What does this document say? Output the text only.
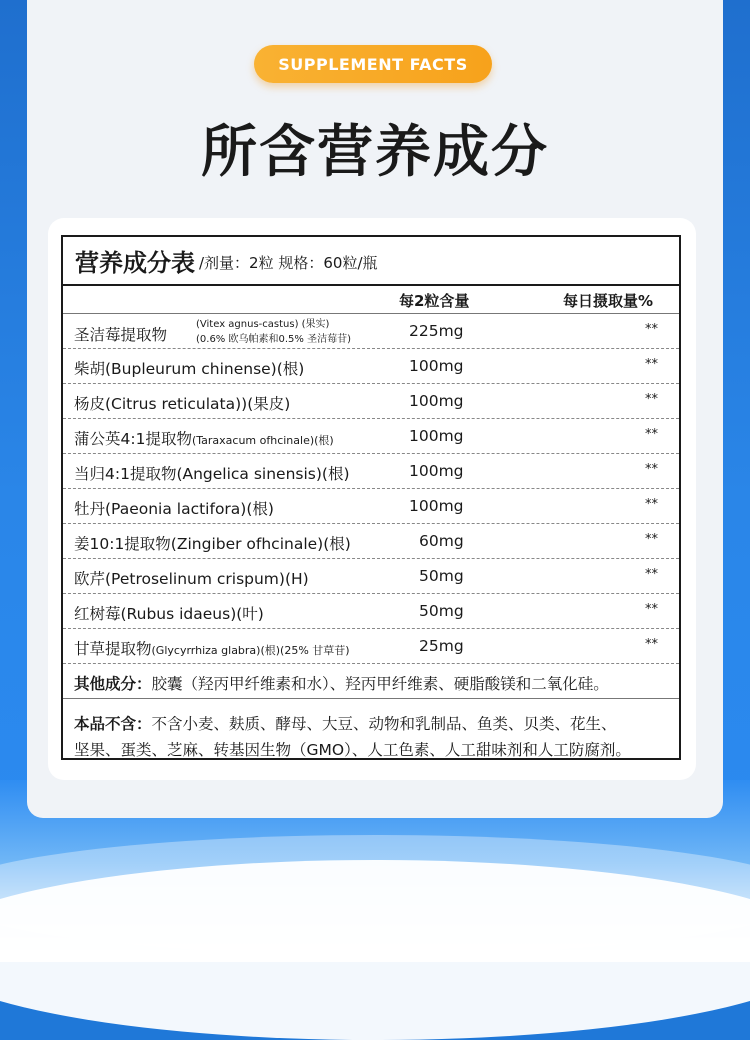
SUPPLEMENT FACTS
所含营养成分
营养成分表 /剂量：2粒 规格：60粒/瓶
每2粒含量	每日摄取量%
圣洁莓提取物
(Vitex agnus-castus) (果实)
(0.6% 欧乌帕素和0.5% 圣洁莓苷)	225mg	**
柴胡(Bupleurum chinense)(根)	100mg	**
杨皮(Citrus reticulata))(果皮)	100mg	**
蒲公英4:1提取物(Taraxacum ofhcinale)(根)	100mg	**
当归4:1提取物(Angelica sinensis)(根)	100mg	**
牡丹(Paeonia lactifora)(根)	100mg	**
姜10:1提取物(Zingiber ofhcinale)(根)	60mg	**
欧芹(Petroselinum crispum)(H)	50mg	**
红树莓(Rubus idaeus)(叶)	50mg	**
甘草提取物(Glycyrrhiza glabra)(根)(25% 甘草苷)	25mg	**
其他成分：胶囊（羟丙甲纤维素和水）、羟丙甲纤维素、硬脂酸镁和二氧化硅。
本品不含：不含小麦、麸质、酵母、大豆、动物和乳制品、鱼类、贝类、花生、
坚果、蛋类、芝麻、转基因生物（GMO）、人工色素、人工甜味剂和人工防腐剂。
